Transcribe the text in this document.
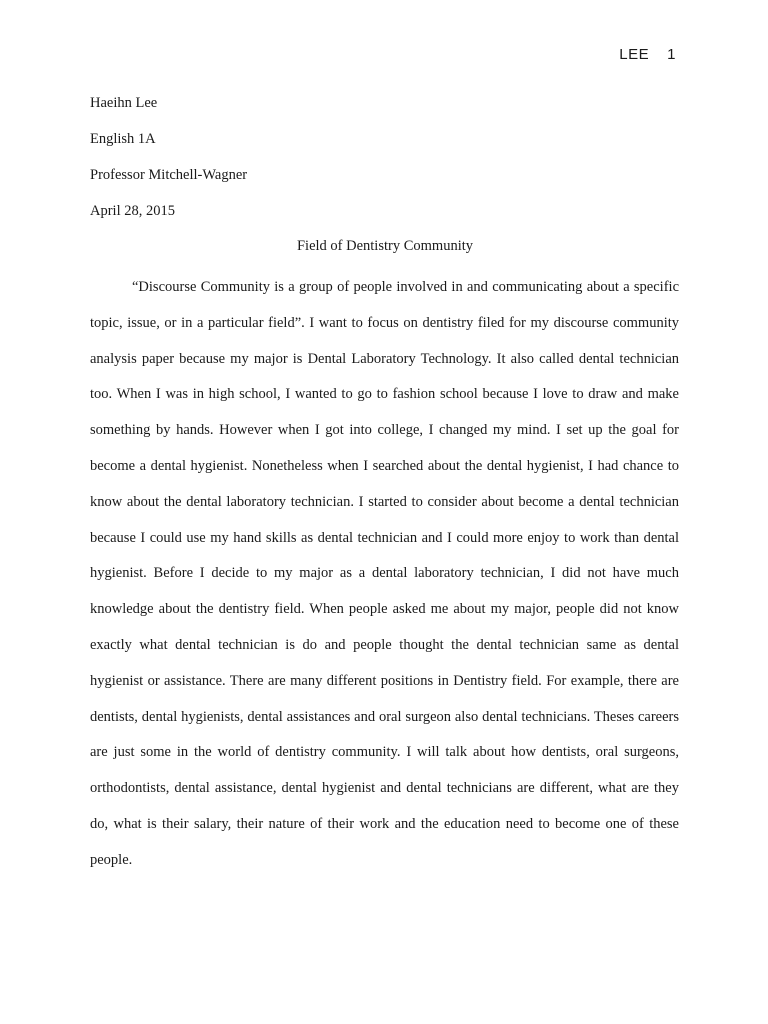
LEE 1
Haeihn Lee
English 1A
Professor Mitchell-Wagner
April 28, 2015
Field of Dentistry Community

“Discourse Community is a group of people involved in and communicating about a specific topic, issue, or in a particular field”. I want to focus on dentistry filed for my discourse community analysis paper because my major is Dental Laboratory Technology. It also called dental technician too. When I was in high school, I wanted to go to fashion school because I love to draw and make something by hands. However when I got into college, I changed my mind. I set up the goal for become a dental hygienist. Nonetheless when I searched about the dental hygienist, I had chance to know about the dental laboratory technician. I started to consider about become a dental technician because I could use my hand skills as dental technician and I could more enjoy to work than dental hygienist. Before I decide to my major as a dental laboratory technician, I did not have much knowledge about the dentistry field. When people asked me about my major, people did not know exactly what dental technician is do and people thought the dental technician same as dental hygienist or assistance. There are many different positions in Dentistry field. For example, there are dentists, dental hygienists, dental assistances and oral surgeon also dental technicians. Theses careers are just some in the world of dentistry community. I will talk about how dentists, oral surgeons, orthodontists, dental assistance, dental hygienist and dental technicians are different, what are they do, what is their salary, their nature of their work and the education need to become one of these people.
